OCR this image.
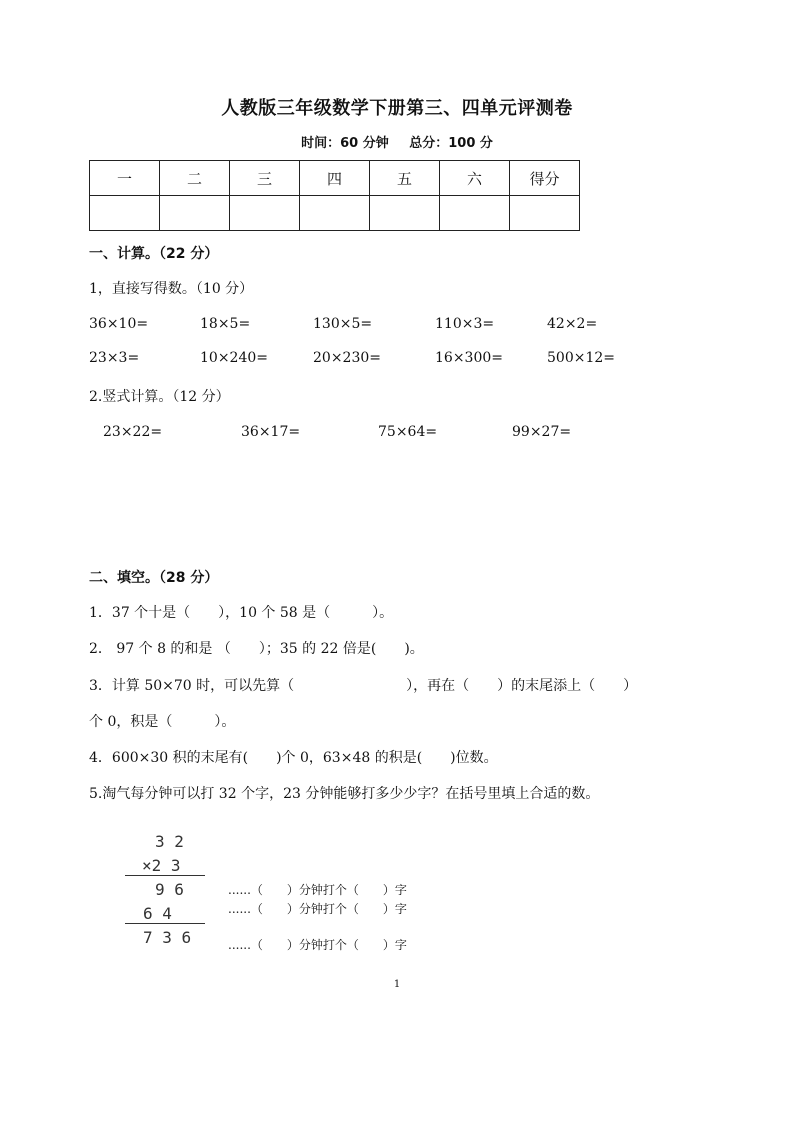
人教版三年级数学下册第三、四单元评测卷
时间：60 分钟 总分：100 分
一	二	三	四	五	六	得分

一、计算。（22 分）
1，直接写得数。（10 分）
36×10=	18×5=	130×5=	110×3=	42×2=
23×3=	10×240=	20×230=	16×300=	500×12=
2.竖式计算。（12 分）
23×22=	36×17=	75×64=	99×27=
二、填空。（28 分）
1．37 个十是（　　），10 个 58 是（　　　）。
2． 97 个 8 的和是 （　　）；35 的 22 倍是(　　)。
3．计算 50×70 时，可以先算（　　　　　　　　），再在（　　）的末尾添上（　　）
个 0，积是（　　　）。
4．600×30 积的末尾有(　　)个 0，63×48 的积是(　　)位数。
5.淘气每分钟可以打 32 个字，23 分钟能够打多少少字？在括号里填上合适的数。
3 2
×2 3
9 6
6 4
7 3 6
......（　　）分钟打个（　　）字
......（　　）分钟打个（　　）字
......（　　）分钟打个（　　）字
1
